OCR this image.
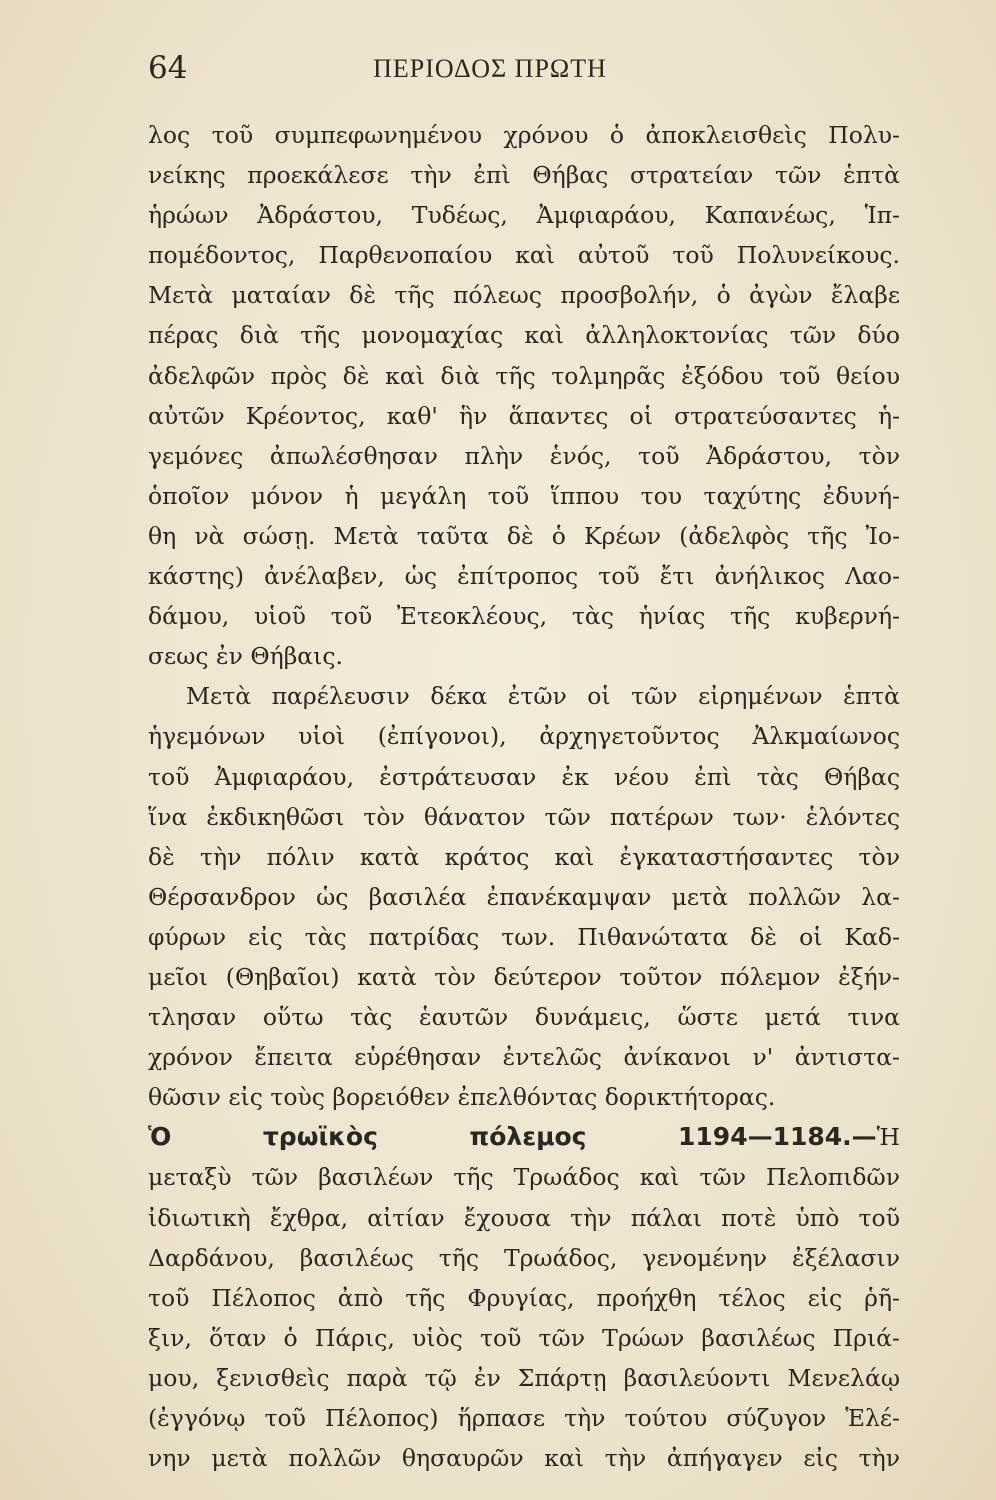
64	ΠΕΡΙΟΔΟΣ ΠΡΩΤΗ
λος τοῦ συμπεφωνημένου χρόνου ὁ ἀποκλεισθεὶς Πολυ-
νείκης προεκάλεσε τὴν ἐπὶ Θήβας στρατείαν τῶν ἑπτὰ
ἡρώων Ἀδράστου, Τυδέως, Ἀμφιαράου, Καπανέως, Ἱπ-
πομέδοντος, Παρθενοπαίου καὶ αὐτοῦ τοῦ Πολυνείκους.
Μετὰ ματαίαν δὲ τῆς πόλεως προσβολήν, ὁ ἀγὼν ἔλαβε
πέρας διὰ τῆς μονομαχίας καὶ ἀλληλοκτονίας τῶν δύο
ἀδελφῶν πρὸς δὲ καὶ διὰ τῆς τολμηρᾶς ἐξόδου τοῦ θείου
αὐτῶν Κρέοντος, καθ' ἣν ἅπαντες οἱ στρατεύσαντες ἡ-
γεμόνες ἀπωλέσθησαν πλὴν ἑνός, τοῦ Ἀδράστου, τὸν
ὁποῖον μόνον ἡ μεγάλη τοῦ ἵππου του ταχύτης ἐδυνή-
θη νὰ σώσῃ. Μετὰ ταῦτα δὲ ὁ Κρέων (ἀδελφὸς τῆς Ἰο-
κάστης) ἀνέλαβεν, ὡς ἐπίτροπος τοῦ ἔτι ἀνήλικος Λαο-
δάμου, υἱοῦ τοῦ Ἐτεοκλέους, τὰς ἡνίας τῆς κυβερνή-
σεως ἐν Θήβαις.
Μετὰ παρέλευσιν δέκα ἐτῶν οἱ τῶν εἰρημένων ἑπτὰ
ἡγεμόνων υἱοὶ (ἐπίγονοι), ἀρχηγετοῦντος Ἀλκμαίωνος
τοῦ Ἀμφιαράου, ἐστράτευσαν ἐκ νέου ἐπὶ τὰς Θήβας
ἵνα ἐκδικηθῶσι τὸν θάνατον τῶν πατέρων των· ἑλόντες
δὲ τὴν πόλιν κατὰ κράτος καὶ ἐγκαταστήσαντες τὸν
Θέρσανδρον ὡς βασιλέα ἐπανέκαμψαν μετὰ πολλῶν λα-
φύρων εἰς τὰς πατρίδας των. Πιθανώτατα δὲ οἱ Καδ-
μεῖοι (Θηβαῖοι) κατὰ τὸν δεύτερον τοῦτον πόλεμον ἐξήν-
τλησαν οὕτω τὰς ἑαυτῶν δυνάμεις, ὥστε μετά τινα
χρόνον ἔπειτα εὑρέθησαν ἐντελῶς ἀνίκανοι ν' ἀντιστα-
θῶσιν εἰς τοὺς βορειόθεν ἐπελθόντας δορικτήτορας.
Ὁ τρωϊκὸς πόλεμος 1194—1184.—Ἡ
μεταξὺ τῶν βασιλέων τῆς Τρωάδος καὶ τῶν Πελοπιδῶν
ἰδιωτικὴ ἔχθρα, αἰτίαν ἔχουσα τὴν πάλαι ποτὲ ὑπὸ τοῦ
Δαρδάνου, βασιλέως τῆς Τρωάδος, γενομένην ἐξέλασιν
τοῦ Πέλοπος ἀπὸ τῆς Φρυγίας, προήχθη τέλος εἰς ῥῆ-
ξιν, ὅταν ὁ Πάρις, υἱὸς τοῦ τῶν Τρώων βασιλέως Πριά-
μου, ξενισθεὶς παρὰ τῷ ἐν Σπάρτῃ βασιλεύοντι Μενελάῳ
(ἐγγόνῳ τοῦ Πέλοπος) ἥρπασε τὴν τούτου σύζυγον Ἑλέ-
νην μετὰ πολλῶν θησαυρῶν καὶ τὴν ἀπήγαγεν εἰς τὴν
